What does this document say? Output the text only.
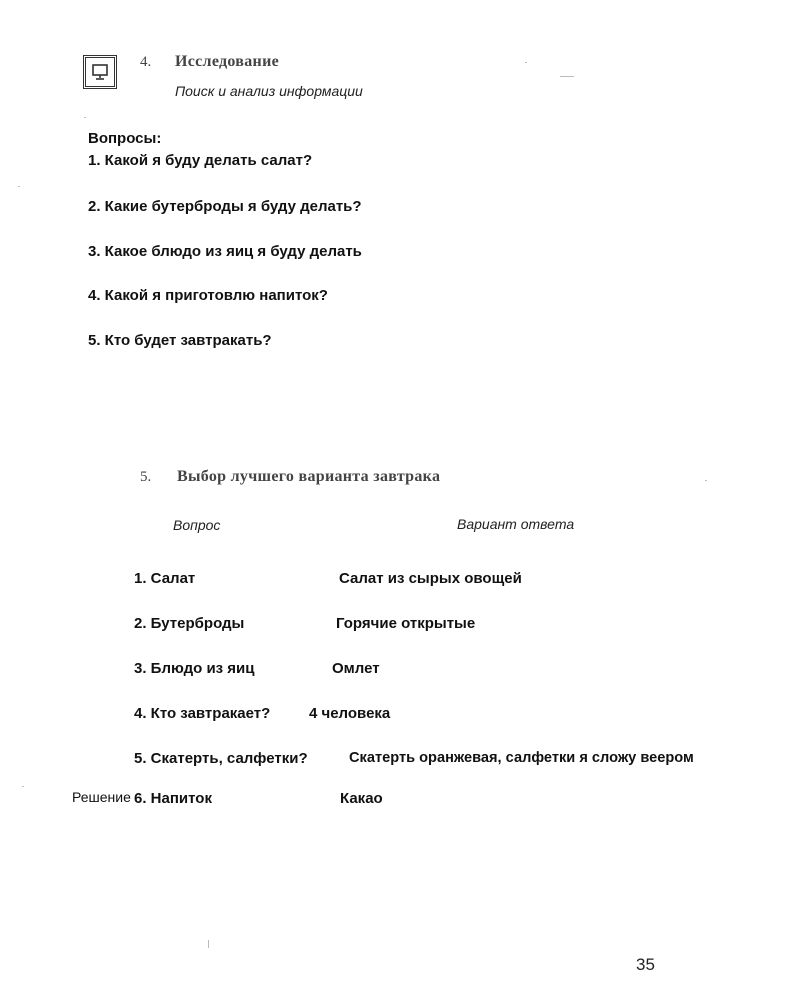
4. Исследование
Поиск и анализ информации
Вопросы:
1. Какой я буду делать салат?
2. Какие бутерброды я буду делать?
3. Какое блюдо из яиц я буду делать
4. Какой я приготовлю напиток?
5. Кто будет завтракать?
5. Выбор лучшего варианта завтрака
Вопрос	Вариант ответа
1. Салат	Салат из сырых овощей
2. Бутерброды	Горячие открытые
3. Блюдо из яиц	Омлет
4. Кто завтракает?	4 человека
5. Скатерть, салфетки?	Скатерть оранжевая, салфетки я сложу веером
Решение 6. Напиток	Какао
35
